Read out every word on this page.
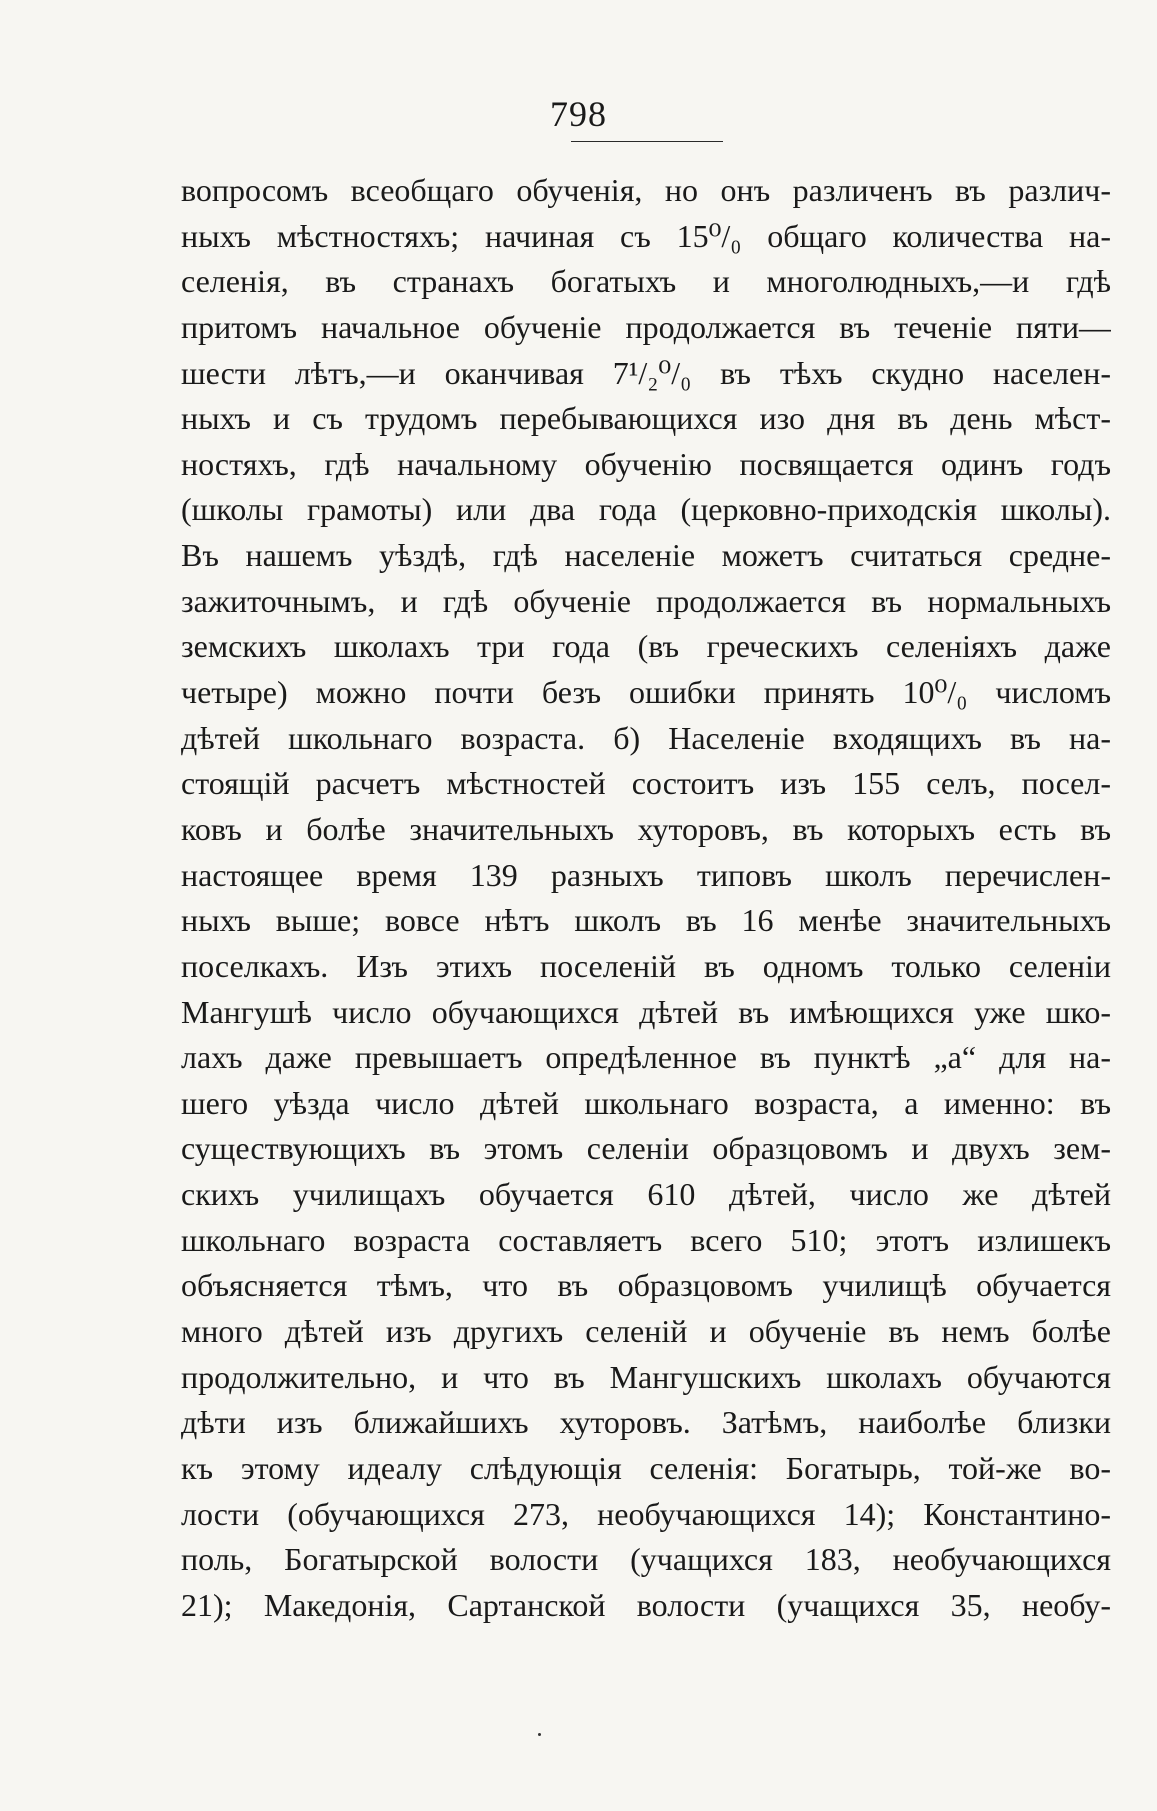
798
вопросомъ всеобщаго обученія, но онъ различенъ въ различ-
ныхъ мѣстностяхъ; начиная съ 15⁰/₀ общаго количества на-
селенія, въ странахъ богатыхъ и многолюдныхъ,—и гдѣ
притомъ начальное обученіе продолжается въ теченіе пяти—
шести лѣтъ,—и оканчивая 7¹/₂⁰/₀ въ тѣхъ скудно населен-
ныхъ и съ трудомъ перебывающихся изо дня въ день мѣст-
ностяхъ, гдѣ начальному обученію посвящается одинъ годъ
(школы грамоты) или два года (церковно-приходскія школы).
Въ нашемъ уѣздѣ, гдѣ населеніе можетъ считаться средне-
зажиточнымъ, и гдѣ обученіе продолжается въ нормальныхъ
земскихъ школахъ три года (въ греческихъ селеніяхъ даже
четыре) можно почти безъ ошибки принять 10⁰/₀ числомъ
дѣтей школьнаго возраста. б) Населеніе входящихъ въ на-
стоящій расчетъ мѣстностей состоитъ изъ 155 селъ, посел-
ковъ и болѣе значительныхъ хуторовъ, въ которыхъ есть въ
настоящее время 139 разныхъ типовъ школъ перечислен-
ныхъ выше; вовсе нѣтъ школъ въ 16 менѣе значительныхъ
поселкахъ. Изъ этихъ поселеній въ одномъ только селеніи
Мангушѣ число обучающихся дѣтей въ имѣющихся уже шко-
лахъ даже превышаетъ опредѣленное въ пунктѣ „а“ для на-
шего уѣзда число дѣтей школьнаго возраста, а именно: въ
существующихъ въ этомъ селеніи образцовомъ и двухъ зем-
скихъ училищахъ обучается 610 дѣтей, число же дѣтей
школьнаго возраста составляетъ всего 510; этотъ излишекъ
объясняется тѣмъ, что въ образцовомъ училищѣ обучается
много дѣтей изъ другихъ селеній и обученіе въ немъ болѣе
продолжительно, и что въ Мангушскихъ школахъ обучаются
дѣти изъ ближайшихъ хуторовъ. Затѣмъ, наиболѣе близки
къ этому идеалу слѣдующія селенія: Богатырь, той-же во-
лости (обучающихся 273, необучающихся 14); Константино-
поль, Богатырской волости (учащихся 183, необучающихся
21); Македонія, Сартанской волости (учащихся 35, необу-
